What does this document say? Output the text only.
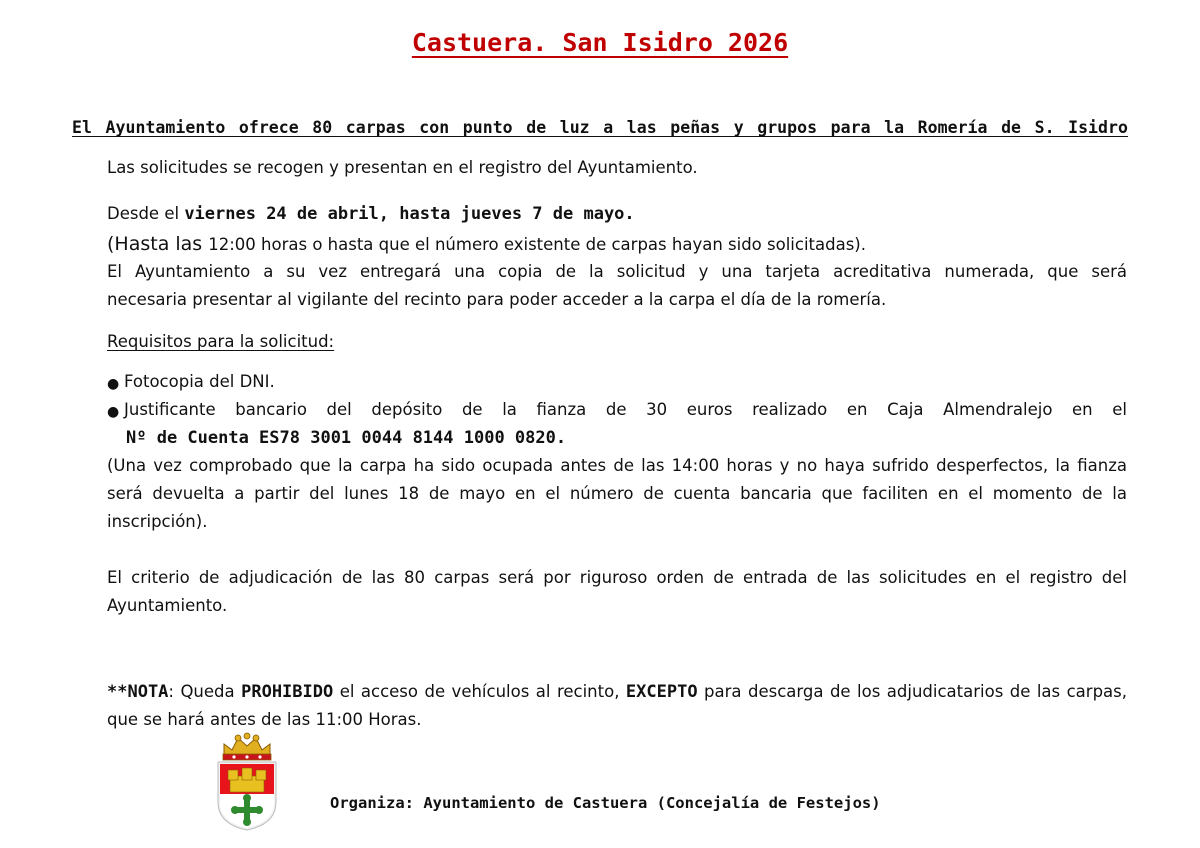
Castuera. San Isidro 2026

El Ayuntamiento ofrece 80 carpas con punto de luz a las peñas y grupos para la Romería de S. Isidro

Las solicitudes se recogen y presentan en el registro del Ayuntamiento.

Desde el viernes 24 de abril, hasta jueves 7 de mayo.

(Hasta las 12:00 horas o hasta que el número existente de carpas hayan sido solicitadas).

El Ayuntamiento a su vez entregará una copia de la solicitud y una tarjeta acreditativa numerada, que será

necesaria presentar al vigilante del recinto para poder acceder a la carpa el día de la romería.

Requisitos para la solicitud:

● Fotocopia del DNI.

● Justificante bancario del depósito de la fianza de 30 euros realizado en Caja Almendralejo en el

Nº de Cuenta ES78 3001 0044 8144 1000 0820.

(Una vez comprobado que la carpa ha sido ocupada antes de las 14:00 horas y no haya sufrido desperfectos, la fianza será devuelta a partir del lunes 18 de mayo en el número de cuenta bancaria que faciliten en el momento de la inscripción).

El criterio de adjudicación de las 80 carpas será por riguroso orden de entrada de las solicitudes en el registro del Ayuntamiento.

**NOTA: Queda PROHIBIDO el acceso de vehículos al recinto, EXCEPTO para descarga de los adjudicatarios de las carpas, que se hará antes de las 11:00 Horas.

Organiza: Ayuntamiento de Castuera (Concejalía de Festejos)
